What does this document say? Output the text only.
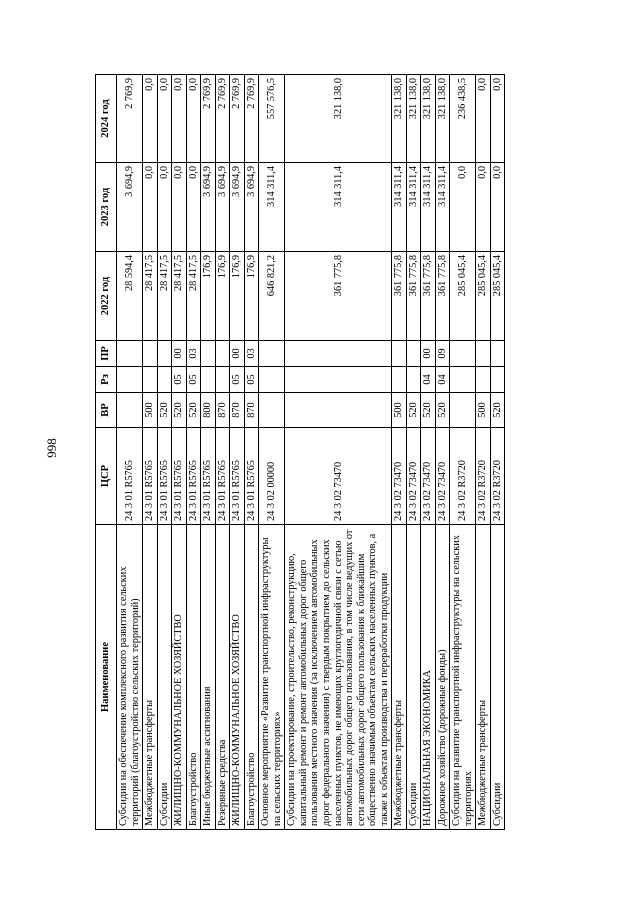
998
Наименование	ЦСР	ВР	Рз	ПР	2022 год	2023 год	2024 год
Субсидии на обеспечение комплексного развития сельских территорий (благоустройство сельских территорий)	24 3 01 R5765				28 594,4	3 694,9	2 769,9
Межбюджетные трансферты	24 3 01 R5765	500			28 417,5	0,0	0,0
Субсидии	24 3 01 R5765	520			28 417,5	0,0	0,0
ЖИЛИЩНО-КОММУНАЛЬНОЕ ХОЗЯЙСТВО	24 3 01 R5765	520	05	00	28 417,5	0,0	0,0
Благоустройство	24 3 01 R5765	520	05	03	28 417,5	0,0	0,0
Иные бюджетные ассигнования	24 3 01 R5765	800			176,9	3 694,9	2 769,9
Резервные средства	24 3 01 R5765	870			176,9	3 694,9	2 769,9
ЖИЛИЩНО-КОММУНАЛЬНОЕ ХОЗЯЙСТВО	24 3 01 R5765	870	05	00	176,9	3 694,9	2 769,9
Благоустройство	24 3 01 R5765	870	05	03	176,9	3 694,9	2 769,9
Основное мероприятие «Развитие транспортной инфраструктуры на сельских территориях»	24 3 02 00000				646 821,2	314 311,4	557 576,5
Субсидии на проектирование, строительство, реконструкцию, капитальный ремонт и ремонт автомобильных дорог общего пользования местного значения (за исключением автомобильных дорог федерального значения) с твердым покрытием до сельских населенных пунктов, не имеющих круглогодичной связи с сетью автомобильных дорог общего пользования, в том числе ведущих от сети автомобильных дорог общего пользования к ближайшим общественно значимым объектам сельских населенных пунктов, а также к объектам производства и переработки продукции	24 3 02 73470				361 775,8	314 311,4	321 138,0
Межбюджетные трансферты	24 3 02 73470	500			361 775,8	314 311,4	321 138,0
Субсидии	24 3 02 73470	520			361 775,8	314 311,4	321 138,0
НАЦИОНАЛЬНАЯ ЭКОНОМИКА	24 3 02 73470	520	04	00	361 775,8	314 311,4	321 138,0
Дорожное хозяйство (дорожные фонды)	24 3 02 73470	520	04	09	361 775,8	314 311,4	321 138,0
Субсидии на развитие транспортной инфраструктуры на сельских территориях	24 3 02 R3720				285 045,4	0,0	236 438,5
Межбюджетные трансферты	24 3 02 R3720	500			285 045,4	0,0	0,0
Субсидии	24 3 02 R3720	520			285 045,4	0,0	0,0
